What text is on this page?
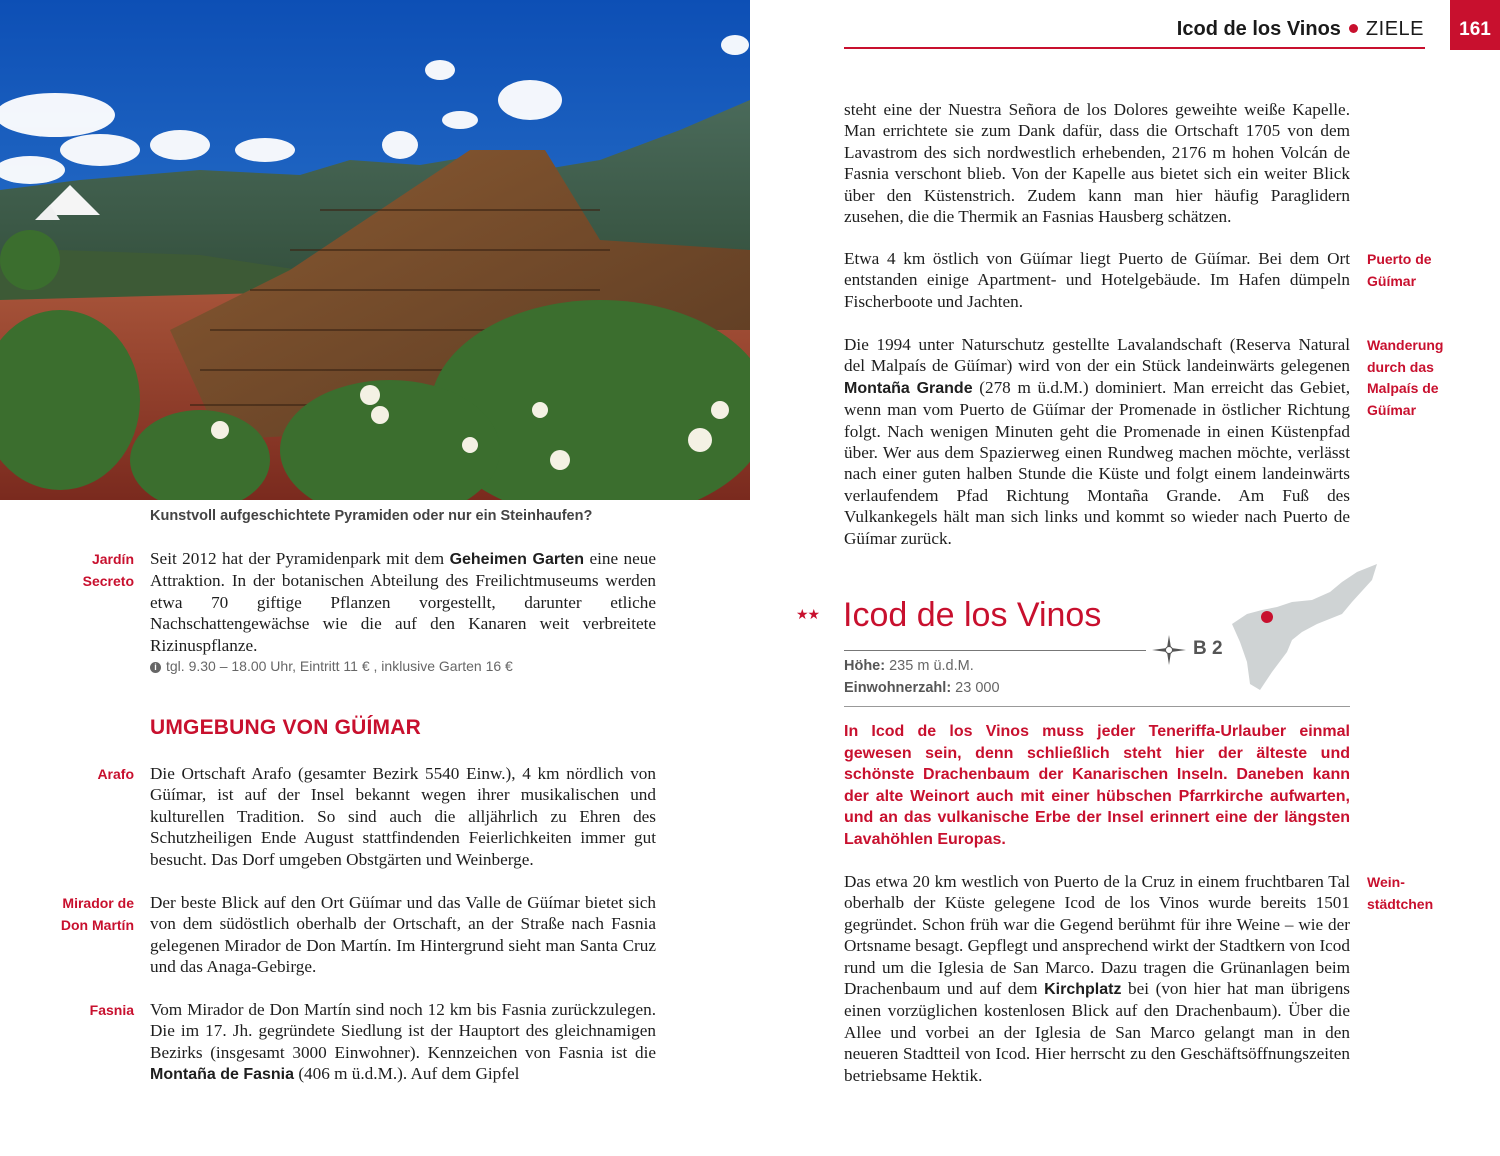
Kunstvoll aufgeschichtete Pyramiden oder nur ein Steinhaufen?
Jardín
Secreto
Seit 2012 hat der Pyramidenpark mit dem Geheimen Garten eine neue Attraktion. In der botanischen Abteilung des Freilichtmuseums werden etwa 70 giftige Pflanzen vorgestellt, darunter etliche Nachschattengewächse wie die auf den Kanaren weit verbreitete Rizinuspflanze.
i tgl. 9.30 – 18.00 Uhr, Eintritt 11 € , inklusive Garten 16 €
UMGEBUNG VON GÜÍMAR
Arafo Die Ortschaft Arafo (gesamter Bezirk 5540 Einw.), 4 km nördlich von Güímar, ist auf der Insel bekannt wegen ihrer musikalischen und kulturellen Tradition. So sind auch die alljährlich zu Ehren des Schutzheiligen Ende August stattfindenden Feierlichkeiten immer gut besucht. Das Dorf umgeben Obstgärten und Weinberge.
Mirador de
Don Martín
Der beste Blick auf den Ort Güímar und das Valle de Güímar bietet sich von dem südöstlich oberhalb der Ortschaft, an der Straße nach Fasnia gelegenen Mirador de Don Martín. Im Hintergrund sieht man Santa Cruz und das Anaga-Gebirge.
Fasnia Vom Mirador de Don Martín sind noch 12 km bis Fasnia zurückzulegen. Die im 17. Jh. gegründete Siedlung ist der Hauptort des gleichnamigen Bezirks (insgesamt 3000 Einwohner). Kennzeichen von Fasnia ist die Montaña de Fasnia (406 m ü.d.M.). Auf dem Gipfel
Icod de los Vinos ZIELE	161
steht eine der Nuestra Señora de los Dolores geweihte weiße Kapelle. Man errichtete sie zum Dank dafür, dass die Ortschaft 1705 von dem Lavastrom des sich nordwestlich erhebenden, 2176 m hohen Volcán de Fasnia verschont blieb. Von der Kapelle aus bietet sich ein weiter Blick über den Küstenstrich. Zudem kann man hier häufig Paraglidern zusehen, die die Thermik an Fasnias Hausberg schätzen.
Puerto de
Güímar
Etwa 4 km östlich von Güímar liegt Puerto de Güímar. Bei dem Ort entstanden einige Apartment- und Hotelgebäude. Im Hafen dümpeln Fischerboote und Jachten.
Wanderung
durch das
Malpaís de
Güímar
Die 1994 unter Naturschutz gestellte Lavalandschaft (Reserva Natural del Malpaís de Güímar) wird von der ein Stück landeinwärts gelegenen Montaña Grande (278 m ü.d.M.) dominiert. Man erreicht das Gebiet, wenn man vom Puerto de Güímar der Promenade in östlicher Richtung folgt. Nach wenigen Minuten geht die Promenade in einen Küstenpfad über. Wer aus dem Spazierweg einen Rundweg machen möchte, verlässt nach einer guten halben Stunde die Küste und folgt einem landeinwärts verlaufendem Pfad Richtung Montaña Grande. Am Fuß des Vulkankegels hält man sich links und kommt so wieder nach Puerto de Güímar zurück.
★★ Icod de los Vinos
B 2
Höhe: 235 m ü.d.M.
Einwohnerzahl: 23 000
In Icod de los Vinos muss jeder Teneriffa-Urlauber einmal gewesen sein, denn schließlich steht hier der älteste und schönste Drachenbaum der Kanarischen Inseln. Daneben kann der alte Weinort auch mit einer hübschen Pfarrkirche aufwarten, und an das vulkanische Erbe der Insel erinnert eine der längsten Lavahöhlen Europas.
Wein-
städtchen
Das etwa 20 km westlich von Puerto de la Cruz in einem fruchtbaren Tal oberhalb der Küste gelegene Icod de los Vinos wurde bereits 1501 gegründet. Schon früh war die Gegend berühmt für ihre Weine – wie der Ortsname besagt. Gepflegt und ansprechend wirkt der Stadtkern von Icod rund um die Iglesia de San Marco. Dazu tragen die Grünanlagen beim Drachenbaum und auf dem Kirchplatz bei (von hier hat man übrigens einen vorzüglichen kostenlosen Blick auf den Drachenbaum). Über die Allee und vorbei an der Iglesia de San Marco gelangt man in den neueren Stadtteil von Icod. Hier herrscht zu den Geschäftsöffnungszeiten betriebsame Hektik.
